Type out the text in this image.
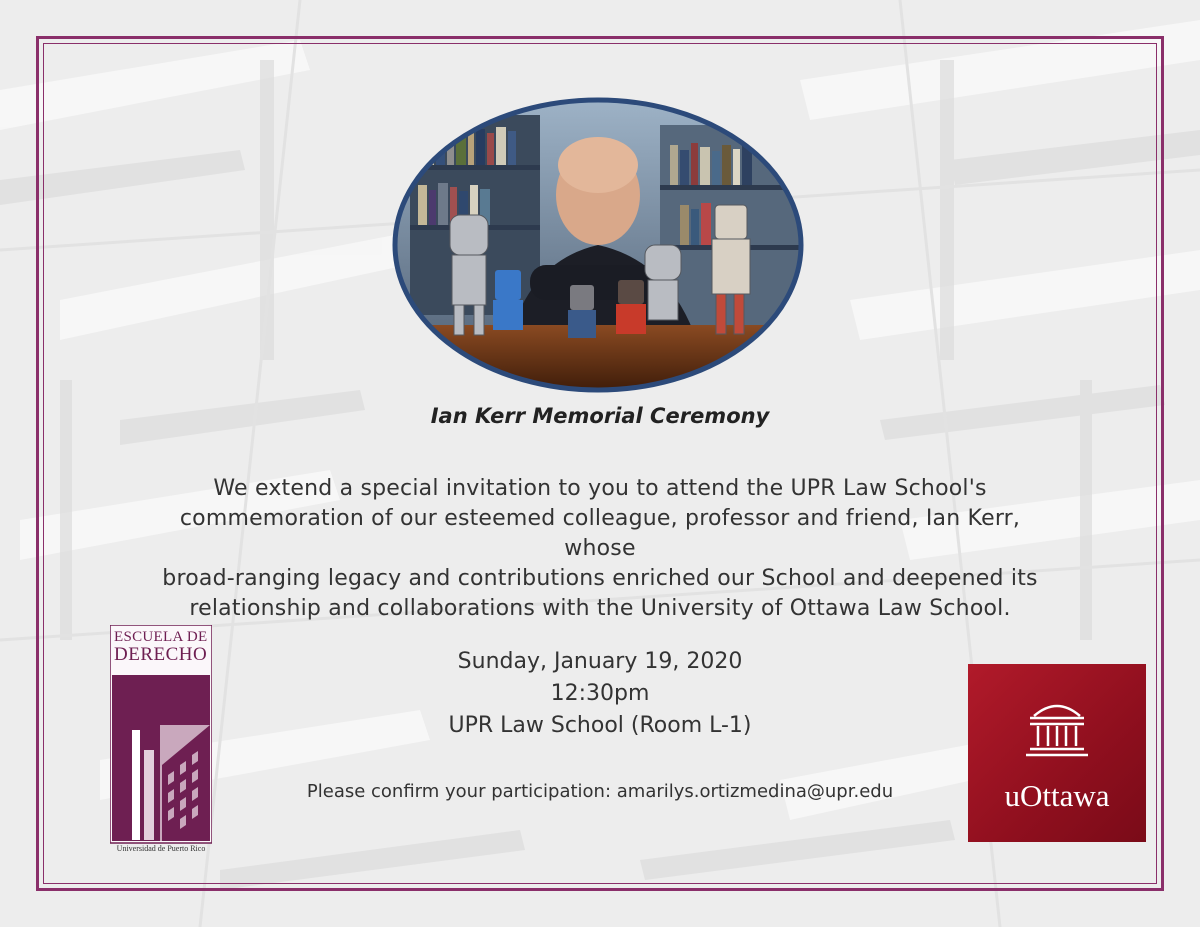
Ian Kerr Memorial Ceremony
We extend a special invitation to you to attend the UPR Law School's
commemoration of our esteemed colleague, professor and friend, Ian Kerr, whose
broad-ranging legacy and contributions enriched our School and deepened its
relationship and collaborations with the University of Ottawa Law School.
Sunday, January 19, 2020
12:30pm
UPR Law School (Room L-1)
Please confirm your participation: amarilys.ortizmedina@upr.edu
ESCUELA DE
DERECHO
Universidad de Puerto Rico
uOttawa
